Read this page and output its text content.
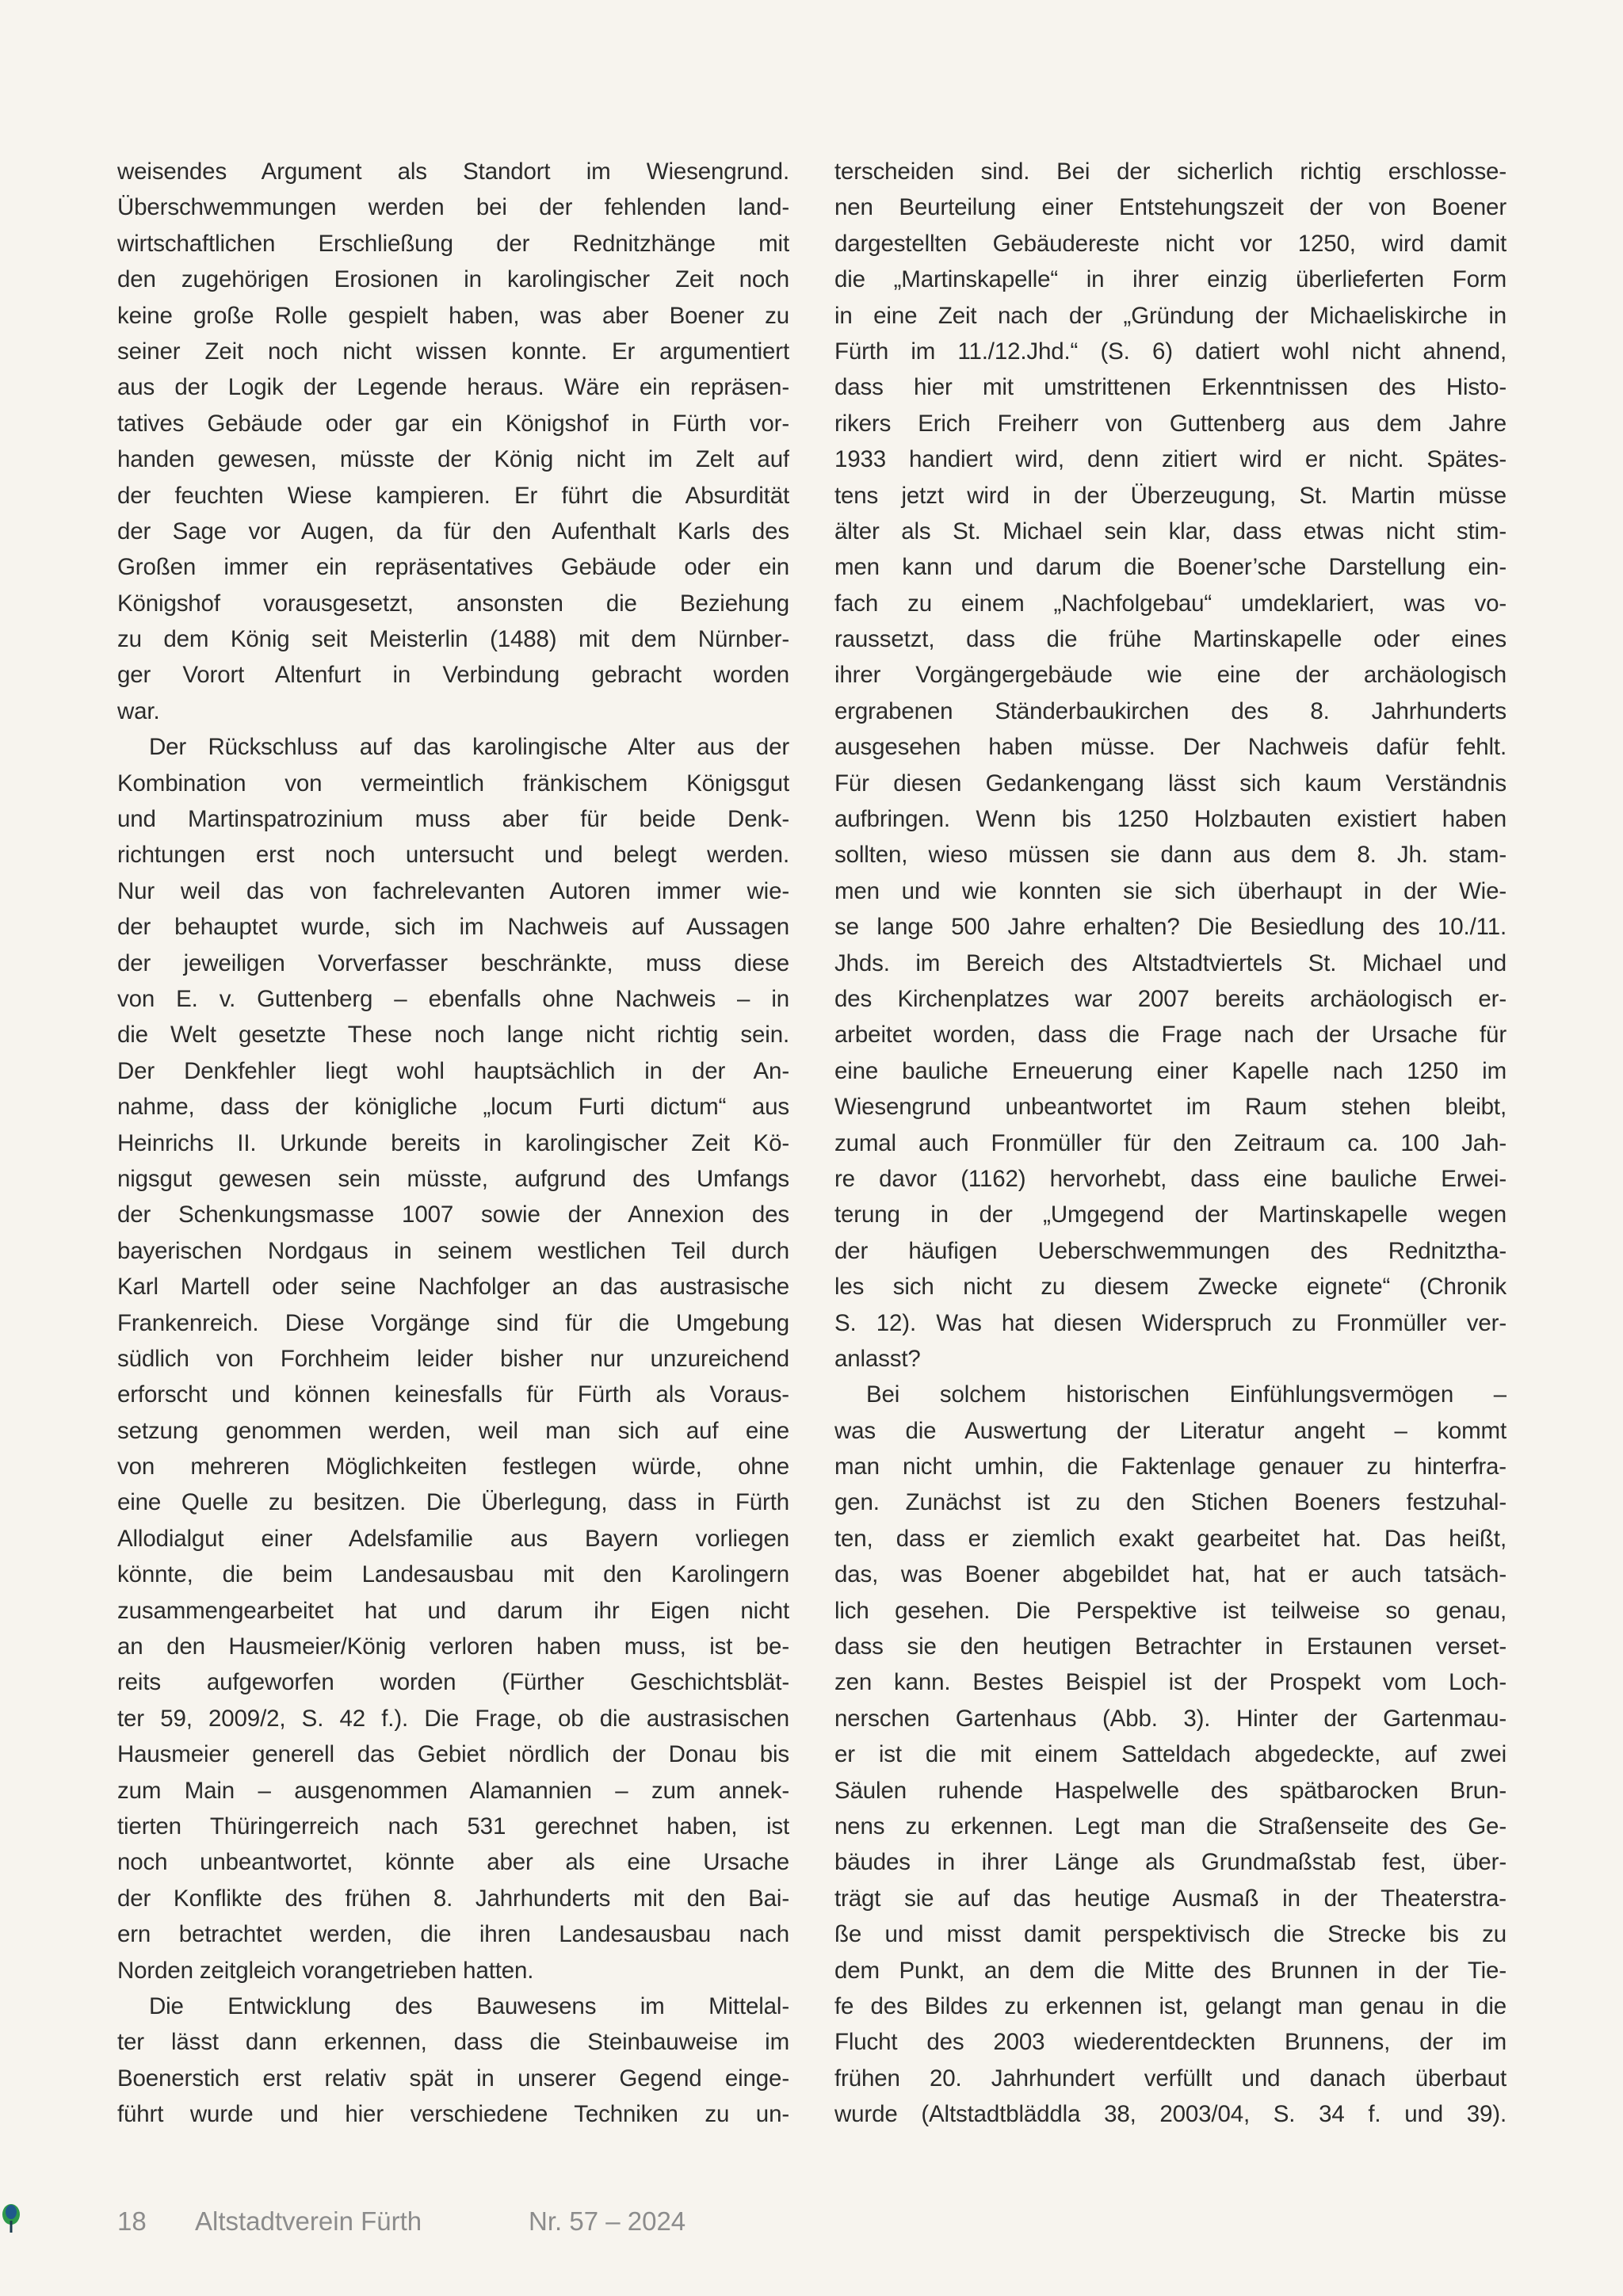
weisendes Argument als Standort im Wiesengrund.
Überschwemmungen werden bei der fehlenden land-
wirtschaftlichen Erschließung der Rednitzhänge mit
den zugehörigen Erosionen in karolingischer Zeit noch
keine große Rolle gespielt haben, was aber Boener zu
seiner Zeit noch nicht wissen konnte. Er argumentiert
aus der Logik der Legende heraus. Wäre ein repräsen-
tatives Gebäude oder gar ein Königshof in Fürth vor-
handen gewesen, müsste der König nicht im Zelt auf
der feuchten Wiese kampieren. Er führt die Absurdität
der Sage vor Augen, da für den Aufenthalt Karls des
Großen immer ein repräsentatives Gebäude oder ein
Königshof vorausgesetzt, ansonsten die Beziehung
zu dem König seit Meisterlin (1488) mit dem Nürnber-
ger Vorort Altenfurt in Verbindung gebracht worden
war.
Der Rückschluss auf das karolingische Alter aus der
Kombination von vermeintlich fränkischem Königsgut
und Martinspatrozinium muss aber für beide Denk-
richtungen erst noch untersucht und belegt werden.
Nur weil das von fachrelevanten Autoren immer wie-
der behauptet wurde, sich im Nachweis auf Aussagen
der jeweiligen Vorverfasser beschränkte, muss diese
von E. v. Guttenberg – ebenfalls ohne Nachweis – in
die Welt gesetzte These noch lange nicht richtig sein.
Der Denkfehler liegt wohl hauptsächlich in der An-
nahme, dass der königliche „locum Furti dictum“ aus
Heinrichs II. Urkunde bereits in karolingischer Zeit Kö-
nigsgut gewesen sein müsste, aufgrund des Umfangs
der Schenkungsmasse 1007 sowie der Annexion des
bayerischen Nordgaus in seinem westlichen Teil durch
Karl Martell oder seine Nachfolger an das austrasische
Frankenreich. Diese Vorgänge sind für die Umgebung
südlich von Forchheim leider bisher nur unzureichend
erforscht und können keinesfalls für Fürth als Voraus-
setzung genommen werden, weil man sich auf eine
von mehreren Möglichkeiten festlegen würde, ohne
eine Quelle zu besitzen. Die Überlegung, dass in Fürth
Allodialgut einer Adelsfamilie aus Bayern vorliegen
könnte, die beim Landesausbau mit den Karolingern
zusammengearbeitet hat und darum ihr Eigen nicht
an den Hausmeier/König verloren haben muss, ist be-
reits aufgeworfen worden (Fürther Geschichtsblät-
ter 59, 2009/2, S. 42 f.). Die Frage, ob die austrasischen
Hausmeier generell das Gebiet nördlich der Donau bis
zum Main – ausgenommen Alamannien – zum annek-
tierten Thüringerreich nach 531 gerechnet haben, ist
noch unbeantwortet, könnte aber als eine Ursache
der Konflikte des frühen 8. Jahrhunderts mit den Bai-
ern betrachtet werden, die ihren Landesausbau nach
Norden zeitgleich vorangetrieben hatten.
Die Entwicklung des Bauwesens im Mittelal-
ter lässt dann erkennen, dass die Steinbauweise im
Boenerstich erst relativ spät in unserer Gegend einge-
führt wurde und hier verschiedene Techniken zu un-
terscheiden sind. Bei der sicherlich richtig erschlosse-
nen Beurteilung einer Entstehungszeit der von Boener
dargestellten Gebäudereste nicht vor 1250, wird damit
die „Martinskapelle“ in ihrer einzig überlieferten Form
in eine Zeit nach der „Gründung der Michaeliskirche in
Fürth im 11./12.Jhd.“ (S. 6) datiert wohl nicht ahnend,
dass hier mit umstrittenen Erkenntnissen des Histo-
rikers Erich Freiherr von Guttenberg aus dem Jahre
1933 handiert wird, denn zitiert wird er nicht. Spätes-
tens jetzt wird in der Überzeugung, St. Martin müsse
älter als St. Michael sein klar, dass etwas nicht stim-
men kann und darum die Boener’sche Darstellung ein-
fach zu einem „Nachfolgebau“ umdeklariert, was vo-
raussetzt, dass die frühe Martinskapelle oder eines
ihrer Vorgängergebäude wie eine der archäologisch
ergrabenen Ständerbaukirchen des 8. Jahrhunderts
ausgesehen haben müsse. Der Nachweis dafür fehlt.
Für diesen Gedankengang lässt sich kaum Verständnis
aufbringen. Wenn bis 1250 Holzbauten existiert haben
sollten, wieso müssen sie dann aus dem 8. Jh. stam-
men und wie konnten sie sich überhaupt in der Wie-
se lange 500 Jahre erhalten? Die Besiedlung des 10./11.
Jhds. im Bereich des Altstadtviertels St. Michael und
des Kirchenplatzes war 2007 bereits archäologisch er-
arbeitet worden, dass die Frage nach der Ursache für
eine bauliche Erneuerung einer Kapelle nach 1250 im
Wiesengrund unbeantwortet im Raum stehen bleibt,
zumal auch Fronmüller für den Zeitraum ca. 100 Jah-
re davor (1162) hervorhebt, dass eine bauliche Erwei-
terung in der „Umgegend der Martinskapelle wegen
der häufigen Ueberschwemmungen des Rednitztha-
les sich nicht zu diesem Zwecke eignete“ (Chronik
S. 12). Was hat diesen Widerspruch zu Fronmüller ver-
anlasst?
Bei solchem historischen Einfühlungsvermögen –
was die Auswertung der Literatur angeht – kommt
man nicht umhin, die Faktenlage genauer zu hinterfra-
gen. Zunächst ist zu den Stichen Boeners festzuhal-
ten, dass er ziemlich exakt gearbeitet hat. Das heißt,
das, was Boener abgebildet hat, hat er auch tatsäch-
lich gesehen. Die Perspektive ist teilweise so genau,
dass sie den heutigen Betrachter in Erstaunen verset-
zen kann. Bestes Beispiel ist der Prospekt vom Loch-
nerschen Gartenhaus (Abb. 3). Hinter der Gartenmau-
er ist die mit einem Satteldach abgedeckte, auf zwei
Säulen ruhende Haspelwelle des spätbarocken Brun-
nens zu erkennen. Legt man die Straßenseite des Ge-
bäudes in ihrer Länge als Grundmaßstab fest, über-
trägt sie auf das heutige Ausmaß in der Theaterstra-
ße und misst damit perspektivisch die Strecke bis zu
dem Punkt, an dem die Mitte des Brunnen in der Tie-
fe des Bildes zu erkennen ist, gelangt man genau in die
Flucht des 2003 wiederentdeckten Brunnens, der im
frühen 20. Jahrhundert verfüllt und danach überbaut
wurde (Altstadtbläddla 38, 2003/04, S. 34 f. und 39).
18 Altstadtverein Fürth	Nr. 57 – 2024
